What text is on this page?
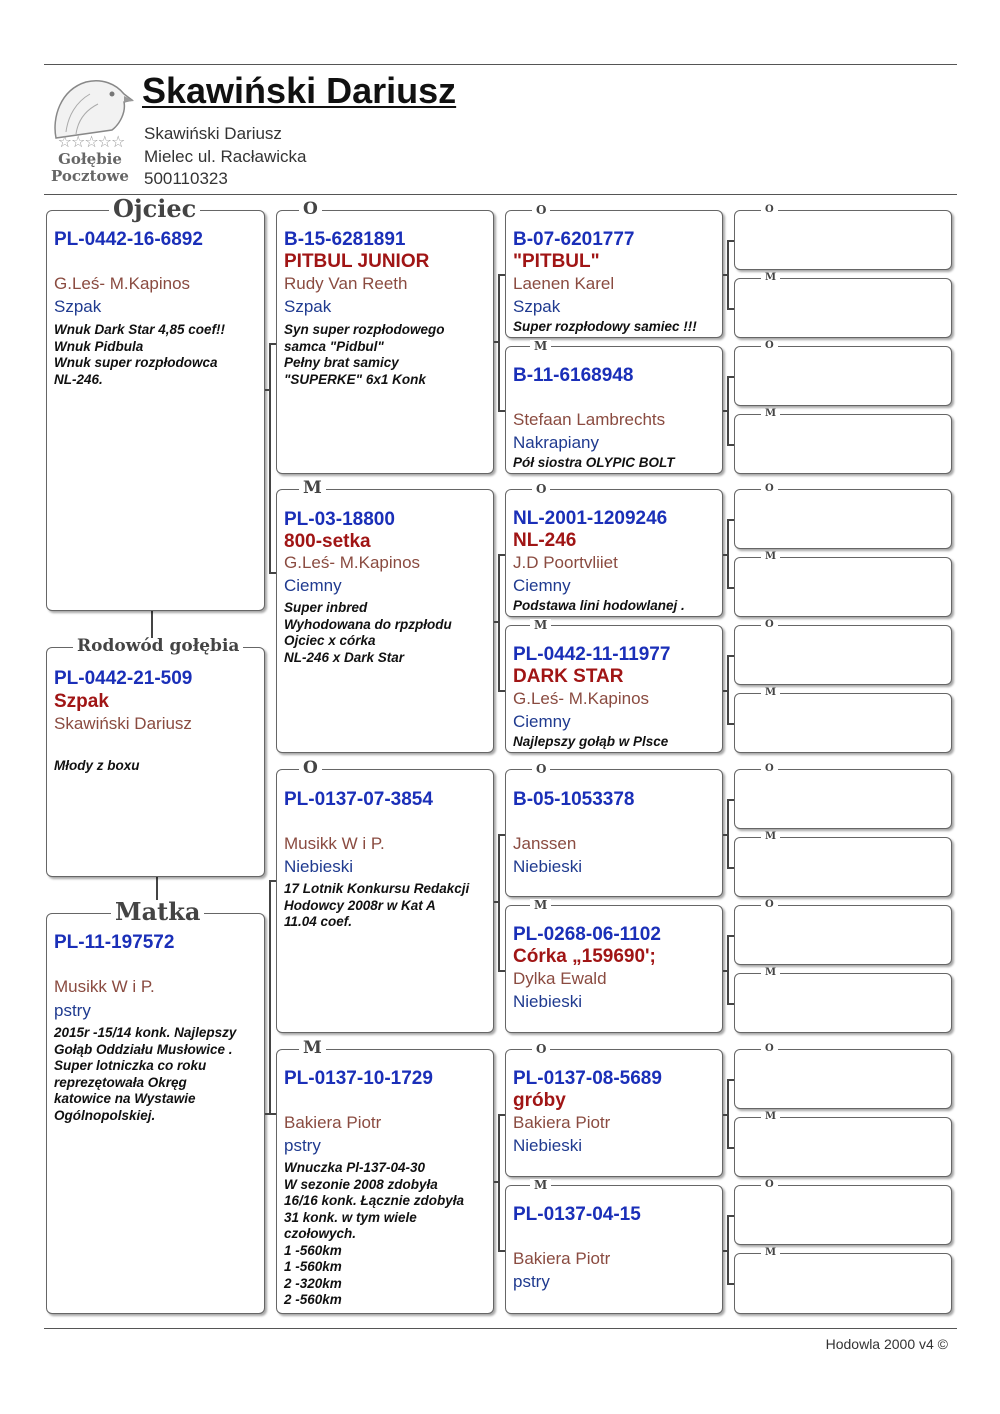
☆☆☆☆☆
Gołębie
Pocztowe
Skawiński Dariusz
Skawiński Dariusz
Mielec ul. Racławicka
500110323
Ojciec
PL-0442-16-6892
G.Leś- M.Kapinos
Szpak
Wnuk Dark Star 4,85 coef!!
Wnuk Pidbula
Wnuk super rozpłodowca
NL-246.
Rodowód gołębia
PL-0442-21-509
Szpak
Skawiński Dariusz
Młody z boxu
Matka
PL-11-197572
Musikk W i P.
pstry
2015r -15/14 konk. Najlepszy
Gołąb Oddziału Musłowice .
Super lotniczka co roku
reprezętowała Okręg
katowice na Wystawie
Ogólnopolskiej.
O
B-15-6281891
PITBUL JUNIOR
Rudy Van Reeth
Szpak
Syn super rozpłodowego
samca "Pidbul"
Pełny brat samicy
"SUPERKE" 6x1 Konk
M
PL-03-18800
800-setka
G.Leś- M.Kapinos
Ciemny
Super inbred
Wyhodowana do rpzpłodu
Ojciec x córka
NL-246 x Dark Star
O
PL-0137-07-3854
Musikk W i P.
Niebieski
17 Lotnik Konkursu Redakcji
Hodowcy 2008r w Kat A
11.04 coef.
M
PL-0137-10-1729
Bakiera Piotr
pstry
Wnuczka Pl-137-04-30
W sezonie 2008 zdobyła
16/16 konk. Łącznie zdobyła
31 konk. w tym wiele
czołowych.
1 -560km
1 -560km
2 -320km
2 -560km
O
B-07-6201777
"PITBUL"
Laenen Karel
Szpak
Super rozpłodowy samiec !!!
M
B-11-6168948
Stefaan Lambrechts
Nakrapiany
Pół siostra OLYPIC BOLT
O
NL-2001-1209246
NL-246
J.D Poortvliiet
Ciemny
Podstawa lini hodowlanej .
M
PL-0442-11-11977
DARK STAR
G.Leś- M.Kapinos
Ciemny
Najlepszy gołąb w Plsce
O
B-05-1053378
Janssen
Niebieski
M
PL-0268-06-1102
Córka „159690';
Dylka Ewald
Niebieski
O
PL-0137-08-5689
gróby
Bakiera Piotr
Niebieski
M
PL-0137-04-15
Bakiera Piotr
pstry
O
M
O
M
O
M
O
M
O
M
O
M
O
M
O
M
Hodowla 2000 v4 ©
